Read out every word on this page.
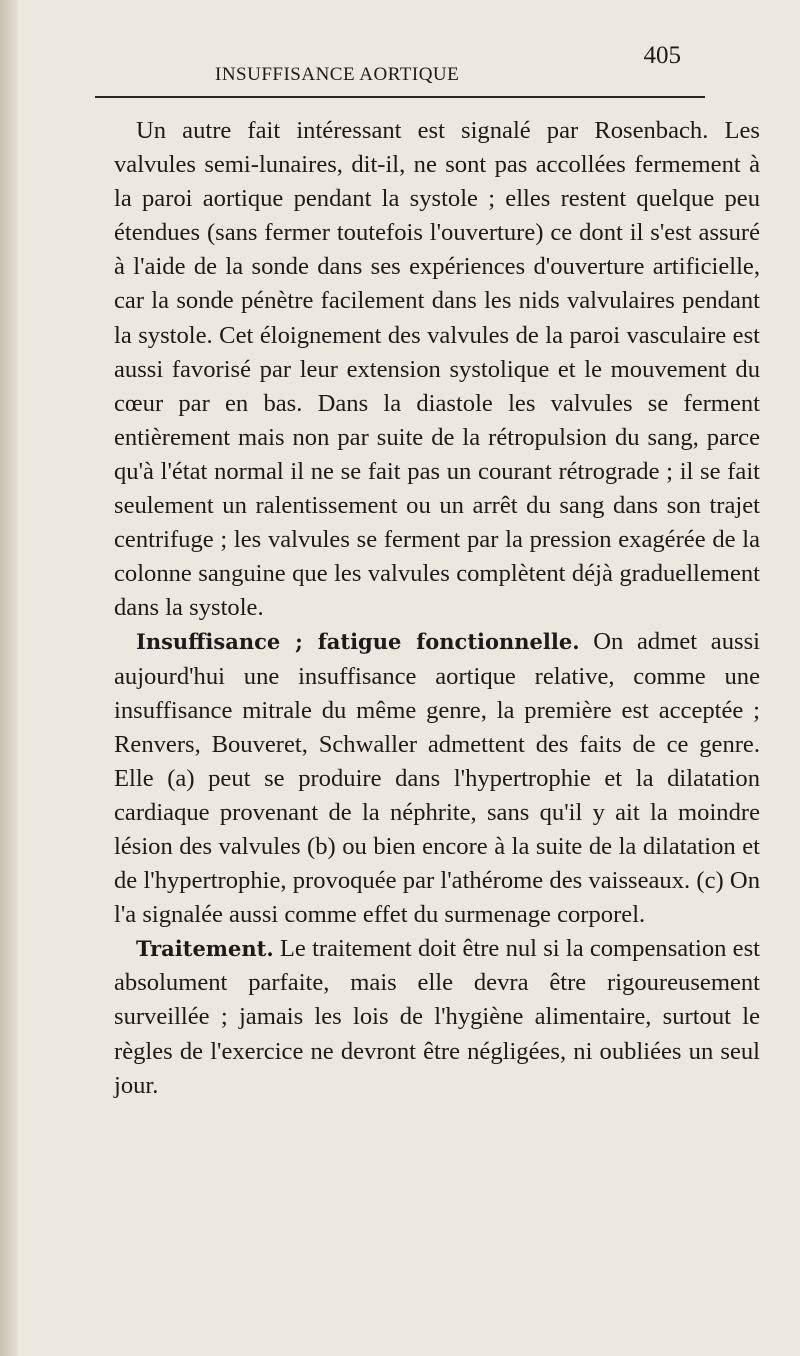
INSUFFISANCE AORTIQUE
405

Un autre fait intéressant est signalé par Rosenbach. Les valvules semi-lunaires, dit-il, ne sont pas accollées fermement à la paroi aortique pendant la systole ; elles restent quelque peu étendues (sans fermer toutefois l'ouverture) ce dont il s'est assuré à l'aide de la sonde dans ses expériences d'ouverture artificielle, car la sonde pénètre facilement dans les nids valvulaires pendant la systole. Cet éloignement des valvules de la paroi vasculaire est aussi favorisé par leur extension systolique et le mouvement du cœur par en bas. Dans la diastole les valvules se ferment entièrement mais non par suite de la rétropulsion du sang, parce qu'à l'état normal il ne se fait pas un courant rétrograde ; il se fait seulement un ralentissement ou un arrêt du sang dans son trajet centrifuge ; les valvules se ferment par la pression exagérée de la colonne sanguine que les valvules complètent déjà graduellement dans la systole.

Insuffisance ; fatigue fonctionnelle. On admet aussi aujourd'hui une insuffisance aortique relative, comme une insuffisance mitrale du même genre, la première est acceptée ; Renvers, Bouveret, Schwaller admettent des faits de ce genre. Elle (a) peut se produire dans l'hypertrophie et la dilatation cardiaque provenant de la néphrite, sans qu'il y ait la moindre lésion des valvules (b) ou bien encore à la suite de la dilatation et de l'hypertrophie, provoquée par l'athérome des vaisseaux. (c) On l'a signalée aussi comme effet du surmenage corporel.

Traitement. Le traitement doit être nul si la compensation est absolument parfaite, mais elle devra être rigoureusement surveillée ; jamais les lois de l'hygiène alimentaire, surtout le règles de l'exercice ne devront être négligées, ni oubliées un seul jour.
